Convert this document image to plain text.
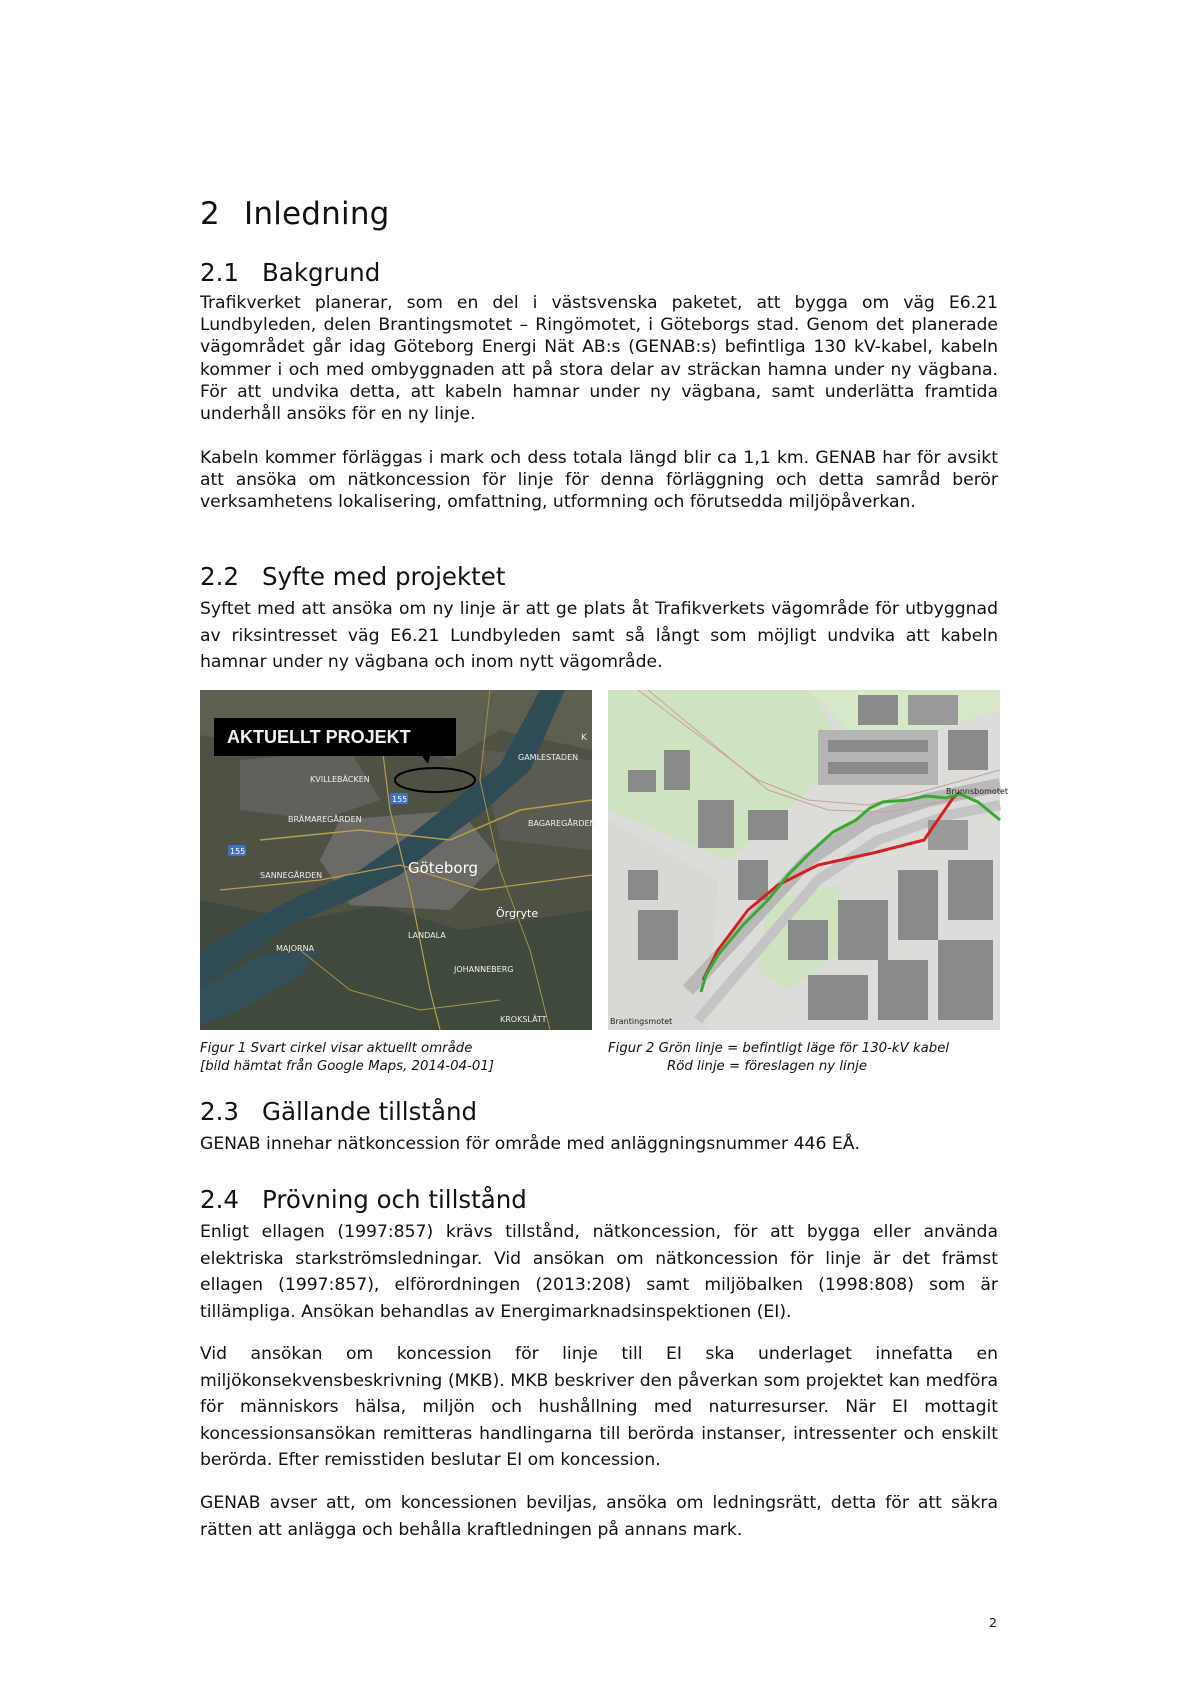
2 Inledning
2.1 Bakgrund

Trafikverket planerar, som en del i västsvenska paketet, att bygga om väg E6.21 Lundbyleden, delen Brantingsmotet – Ringömotet, i Göteborgs stad. Genom det planerade vägområdet går idag Göteborg Energi Nät AB:s (GENAB:s) befintliga 130 kV-kabel, kabeln kommer i och med ombyggnaden att på stora delar av sträckan hamna under ny vägbana. För att undvika detta, att kabeln hamnar under ny vägbana, samt underlätta framtida underhåll ansöks för en ny linje.

Kabeln kommer förläggas i mark och dess totala längd blir ca 1,1 km. GENAB har för avsikt att ansöka om nätkoncession för linje för denna förläggning och detta samråd berör verksamhetens lokalisering, omfattning, utformning och förutsedda miljöpåverkan.

2.2 Syfte med projektet

Syftet med att ansöka om ny linje är att ge plats åt Trafikverkets vägområde för utbyggnad av riksintresset väg E6.21 Lundbyleden samt så långt som möjligt undvika att kabeln hamnar under ny vägbana och inom nytt vägområde.

AKTUELLT PROJEKT
KVILLEBÄCKEN
GAMLESTADEN
BRÄMAREGÅRDEN	BAGAREGÅRDEN
SANNEGÅRDEN	Göteborg
Örgryte
MAJORNA
LANDALA
JOHANNEBERG
KROKSLÄTT
155
155
K
Brunnsbomotet
Brantingsmotet
Figur 1 Svart cirkel visar aktuellt område
[bild hämtat från Google Maps, 2014-04-01]
Figur 2 Grön linje = befintligt läge för 130-kV kabel
Röd linje = föreslagen ny linje
2.3 Gällande tillstånd

GENAB innehar nätkoncession för område med anläggningsnummer 446 EÅ.

2.4 Prövning och tillstånd

Enligt ellagen (1997:857) krävs tillstånd, nätkoncession, för att bygga eller använda elektriska starkströmsledningar. Vid ansökan om nätkoncession för linje är det främst ellagen (1997:857), elförordningen (2013:208) samt miljöbalken (1998:808) som är tillämpliga. Ansökan behandlas av Energimarknadsinspektionen (EI).

Vid ansökan om koncession för linje till EI ska underlaget innefatta en miljökonsekvensbeskrivning (MKB). MKB beskriver den påverkan som projektet kan medföra för människors hälsa, miljön och hushållning med naturresurser. När EI mottagit koncessionsansökan remitteras handlingarna till berörda instanser, intressenter och enskilt berörda. Efter remisstiden beslutar EI om koncession.

GENAB avser att, om koncessionen beviljas, ansöka om ledningsrätt, detta för att säkra rätten att anlägga och behålla kraftledningen på annans mark.

2
